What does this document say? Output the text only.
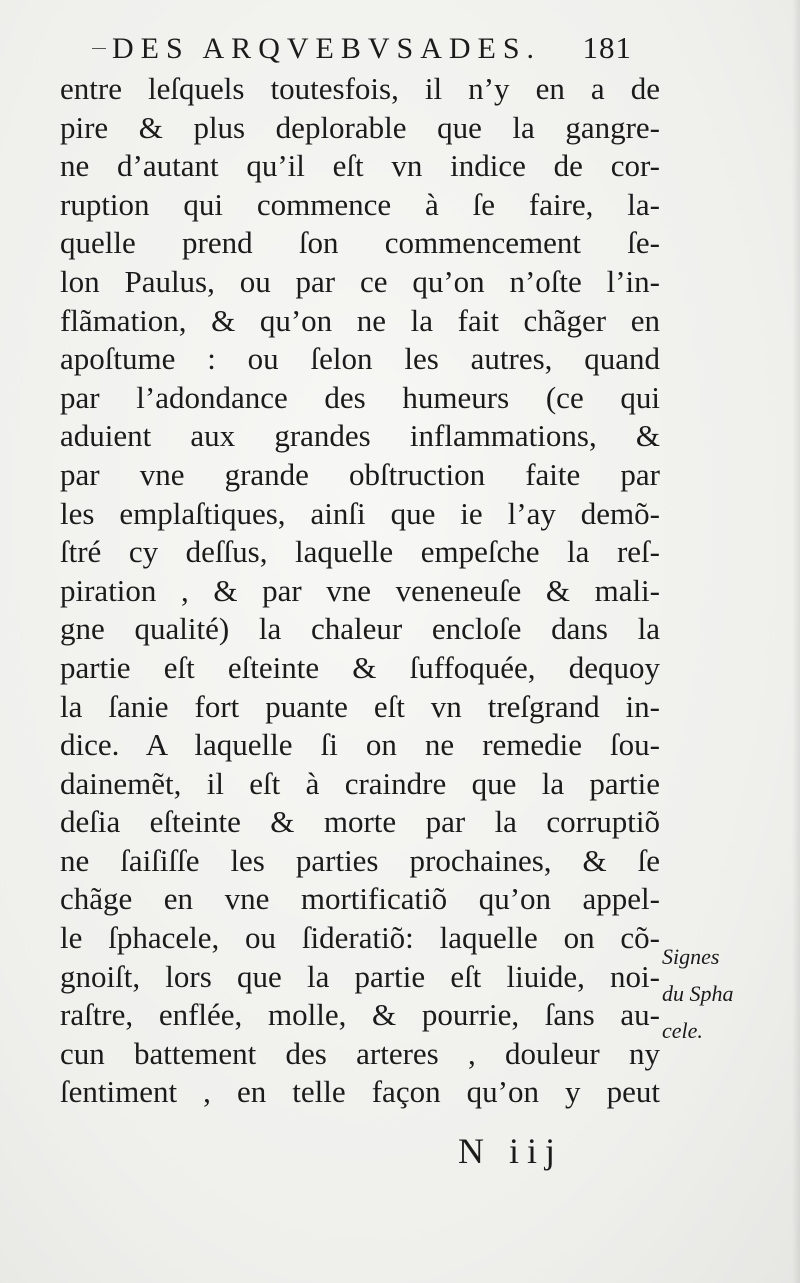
DES ARQVEBVSADES. 181
entre leſquels toutesfois, il n’y en a de
pire & plus deplorable que la gangre-
ne d’autant qu’il eſt vn indice de cor-
ruption qui commence à ſe faire, la-
quelle prend ſon commencement ſe-
lon Paulus, ou par ce qu’on n’oſte l’in-
flãmation, & qu’on ne la fait chãger en
apoſtume : ou ſelon les autres, quand
par l’adondance des humeurs (ce qui
aduient aux grandes inflammations, &
par vne grande obſtruction faite par
les emplaſtiques, ainſi que ie l’ay demõ-
ſtré cy deſſus, laquelle empeſche la reſ-
piration , & par vne veneneuſe & mali-
gne qualité) la chaleur encloſe dans la
partie eſt eſteinte & ſuffoquée, dequoy
la ſanie fort puante eſt vn treſgrand in-
dice. A laquelle ſi on ne remedie ſou-
dainemẽt, il eſt à craindre que la partie
deſia eſteinte & morte par la corruptiõ
ne ſaiſiſſe les parties prochaines, & ſe
chãge en vne mortificatiõ qu’on appel-
le ſphacele, ou ſideratiõ: laquelle on cõ-
gnoiſt, lors que la partie eſt liuide, noi-
raſtre, enflée, molle, & pourrie, ſans au-
cun battement des arteres , douleur ny
ſentiment , en telle façon qu’on y peut
Signes
du Spha
cele.
N iij
